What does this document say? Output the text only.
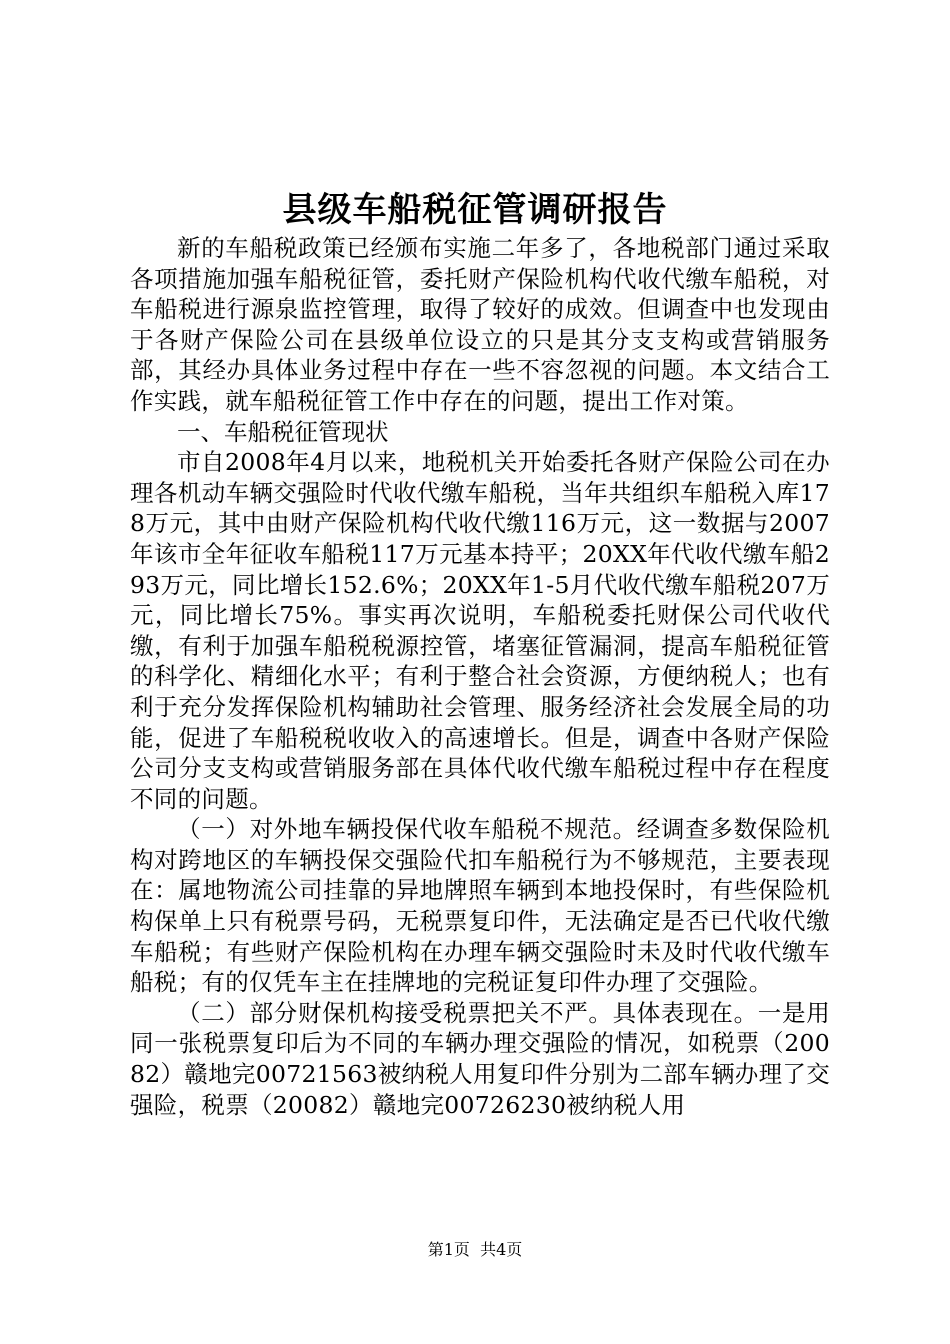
县级车船税征管调研报告

新的车船税政策已经颁布实施二年多了，各地税部门通过采取各项措施加强车船税征管，委托财产保险机构代收代缴车船税，对车船税进行源泉监控管理，取得了较好的成效。但调查中也发现由于各财产保险公司在县级单位设立的只是其分支支构或营销服务部，其经办具体业务过程中存在一些不容忽视的问题。本文结合工作实践，就车船税征管工作中存在的问题，提出工作对策。

一、车船税征管现状

市自2008年4月以来，地税机关开始委托各财产保险公司在办理各机动车辆交强险时代收代缴车船税，当年共组织车船税入库178万元，其中由财产保险机构代收代缴116万元，这一数据与2007年该市全年征收车船税117万元基本持平；20XX年代收代缴车船293万元，同比增长152.6%；20XX年1-5月代收代缴车船税207万元，同比增长75%。事实再次说明，车船税委托财保公司代收代缴，有利于加强车船税税源控管，堵塞征管漏洞，提高车船税征管的科学化、精细化水平；有利于整合社会资源，方便纳税人；也有利于充分发挥保险机构辅助社会管理、服务经济社会发展全局的功能，促进了车船税税收收入的高速增长。但是，调查中各财产保险公司分支支构或营销服务部在具体代收代缴车船税过程中存在程度不同的问题。

（一）对外地车辆投保代收车船税不规范。经调查多数保险机构对跨地区的车辆投保交强险代扣车船税行为不够规范，主要表现在：属地物流公司挂靠的异地牌照车辆到本地投保时，有些保险机构保单上只有税票号码，无税票复印件，无法确定是否已代收代缴车船税；有些财产保险机构在办理车辆交强险时未及时代收代缴车船税；有的仅凭车主在挂牌地的完税证复印件办理了交强险。

（二）部分财保机构接受税票把关不严。具体表现在。一是用同一张税票复印后为不同的车辆办理交强险的情况，如税票（20082）赣地完00721563被纳税人用复印件分别为二部车辆办理了交强险，税票（20082）赣地完00726230被纳税人用

第1页 共4页
